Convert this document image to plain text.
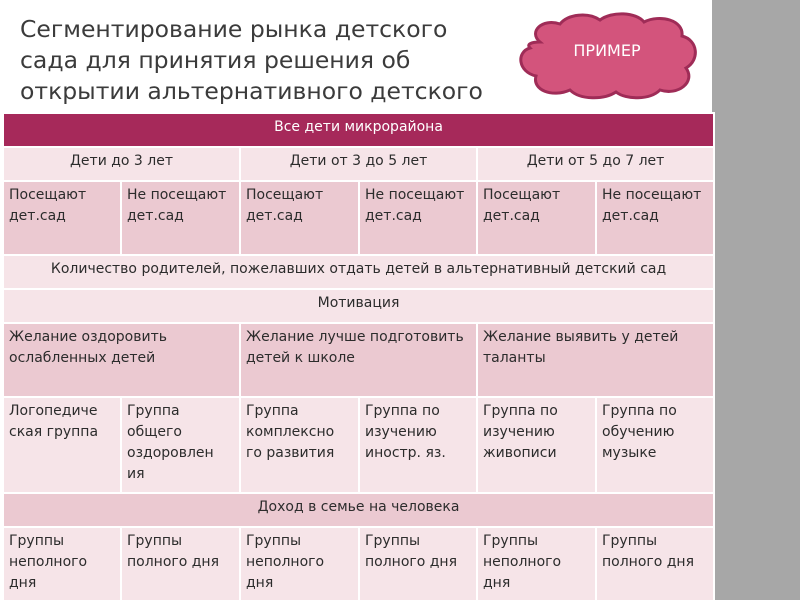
Сегментирование рынка детского сада для принятия решения об открытии альтернативного детского
ПРИМЕР
Все дети микрорайона					
Дети до 3 лет		Дети от 3 до 5 лет		Дети от 5 до 7 лет	
Посещают дет.сад	Не посещают дет.сад	Посещают дет.сад	Не посещают дет.сад	Посещают дет.сад	Не посещают дет.сад
Количество родителей, пожелавших отдать детей в альтернативный детский сад					
Мотивация					
Желание оздоровить ослабленных детей		Желание лучше подготовить детей к школе		Желание выявить у детей таланты	
Логопедиче ская группа	Группа общего оздоровлен ия	Группа комплексно го развития	Группа по изучению иностр. яз.	Группа по изучению живописи	Группа по обучению музыке
Доход в семье на человека					
Группы неполного дня	Группы полного дня	Группы неполного дня	Группы полного дня	Группы неполного дня	Группы полного дня
